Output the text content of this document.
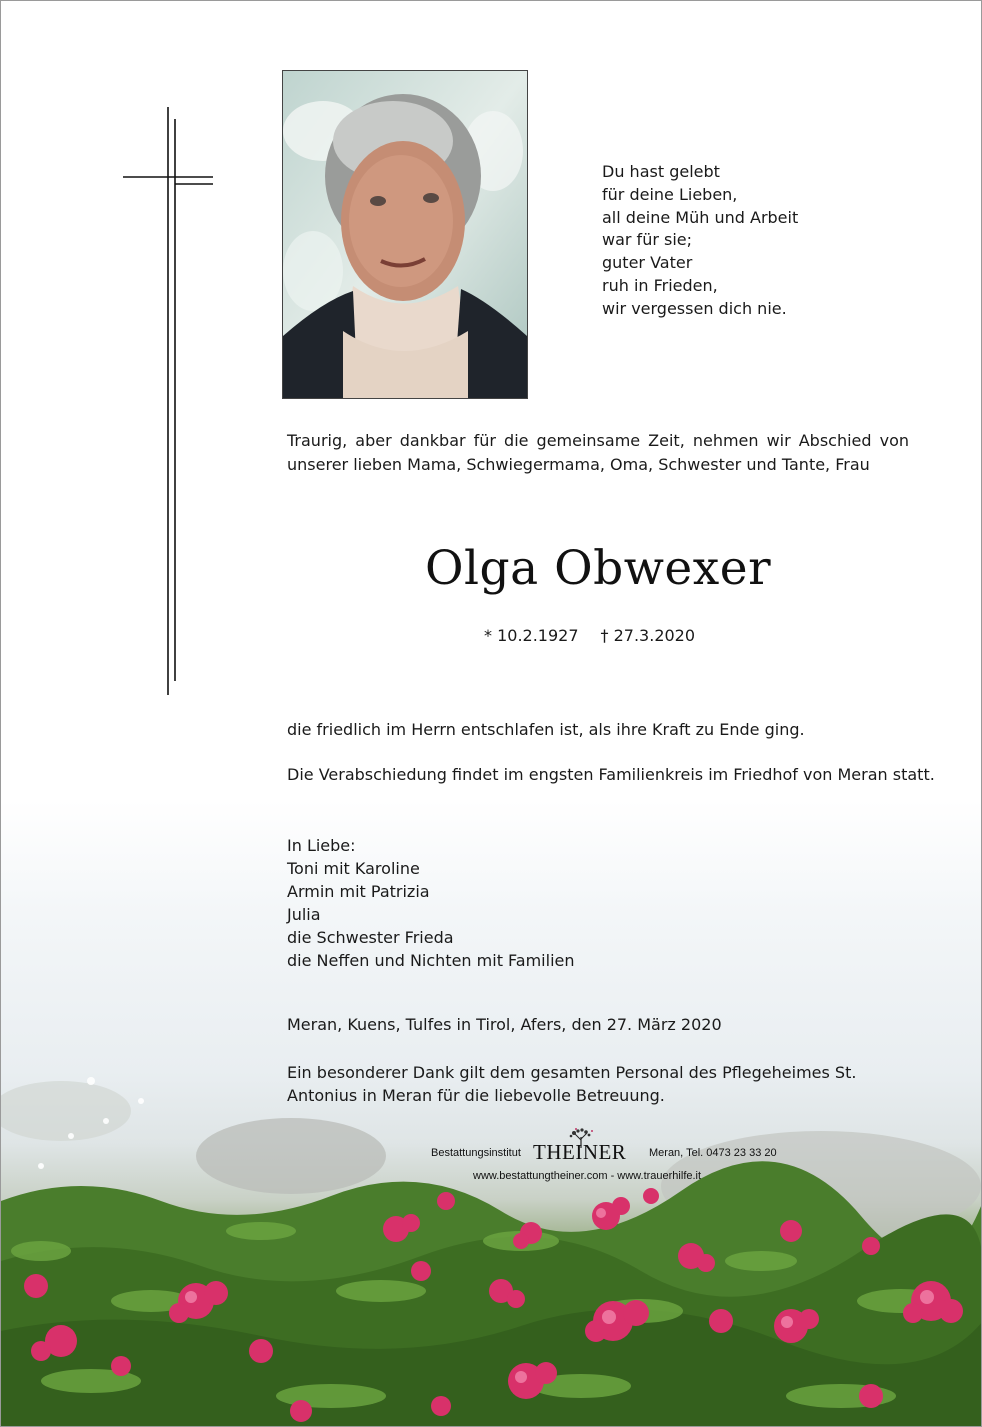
Du hast gelebt
für deine Lieben,
all deine Müh und Arbeit
war für sie;
guter Vater
ruh in Frieden,
wir vergessen dich nie.
Traurig, aber dankbar für die gemeinsame Zeit, nehmen wir Abschied von unserer lieben Mama, Schwiegermama, Oma, Schwester und Tante, Frau
Olga Obwexer
* 10.2.1927 † 27.3.2020
die friedlich im Herrn entschlafen ist, als ihre Kraft zu Ende ging.
Die Verabschiedung findet im engsten Familienkreis im Friedhof von Meran statt.
In Liebe:
Toni mit Karoline
Armin mit Patrizia
Julia
die Schwester Frieda
die Neffen und Nichten mit Familien
Meran, Kuens, Tulfes in Tirol, Afers, den 27. März 2020
Ein besonderer Dank gilt dem gesamten Personal des Pflegeheimes St. Antonius in Meran für die liebevolle Betreuung.
Bestattungsinstitut THEINER Meran, Tel. 0473 23 33 20
www.bestattungtheiner.com - www.trauerhilfe.it
